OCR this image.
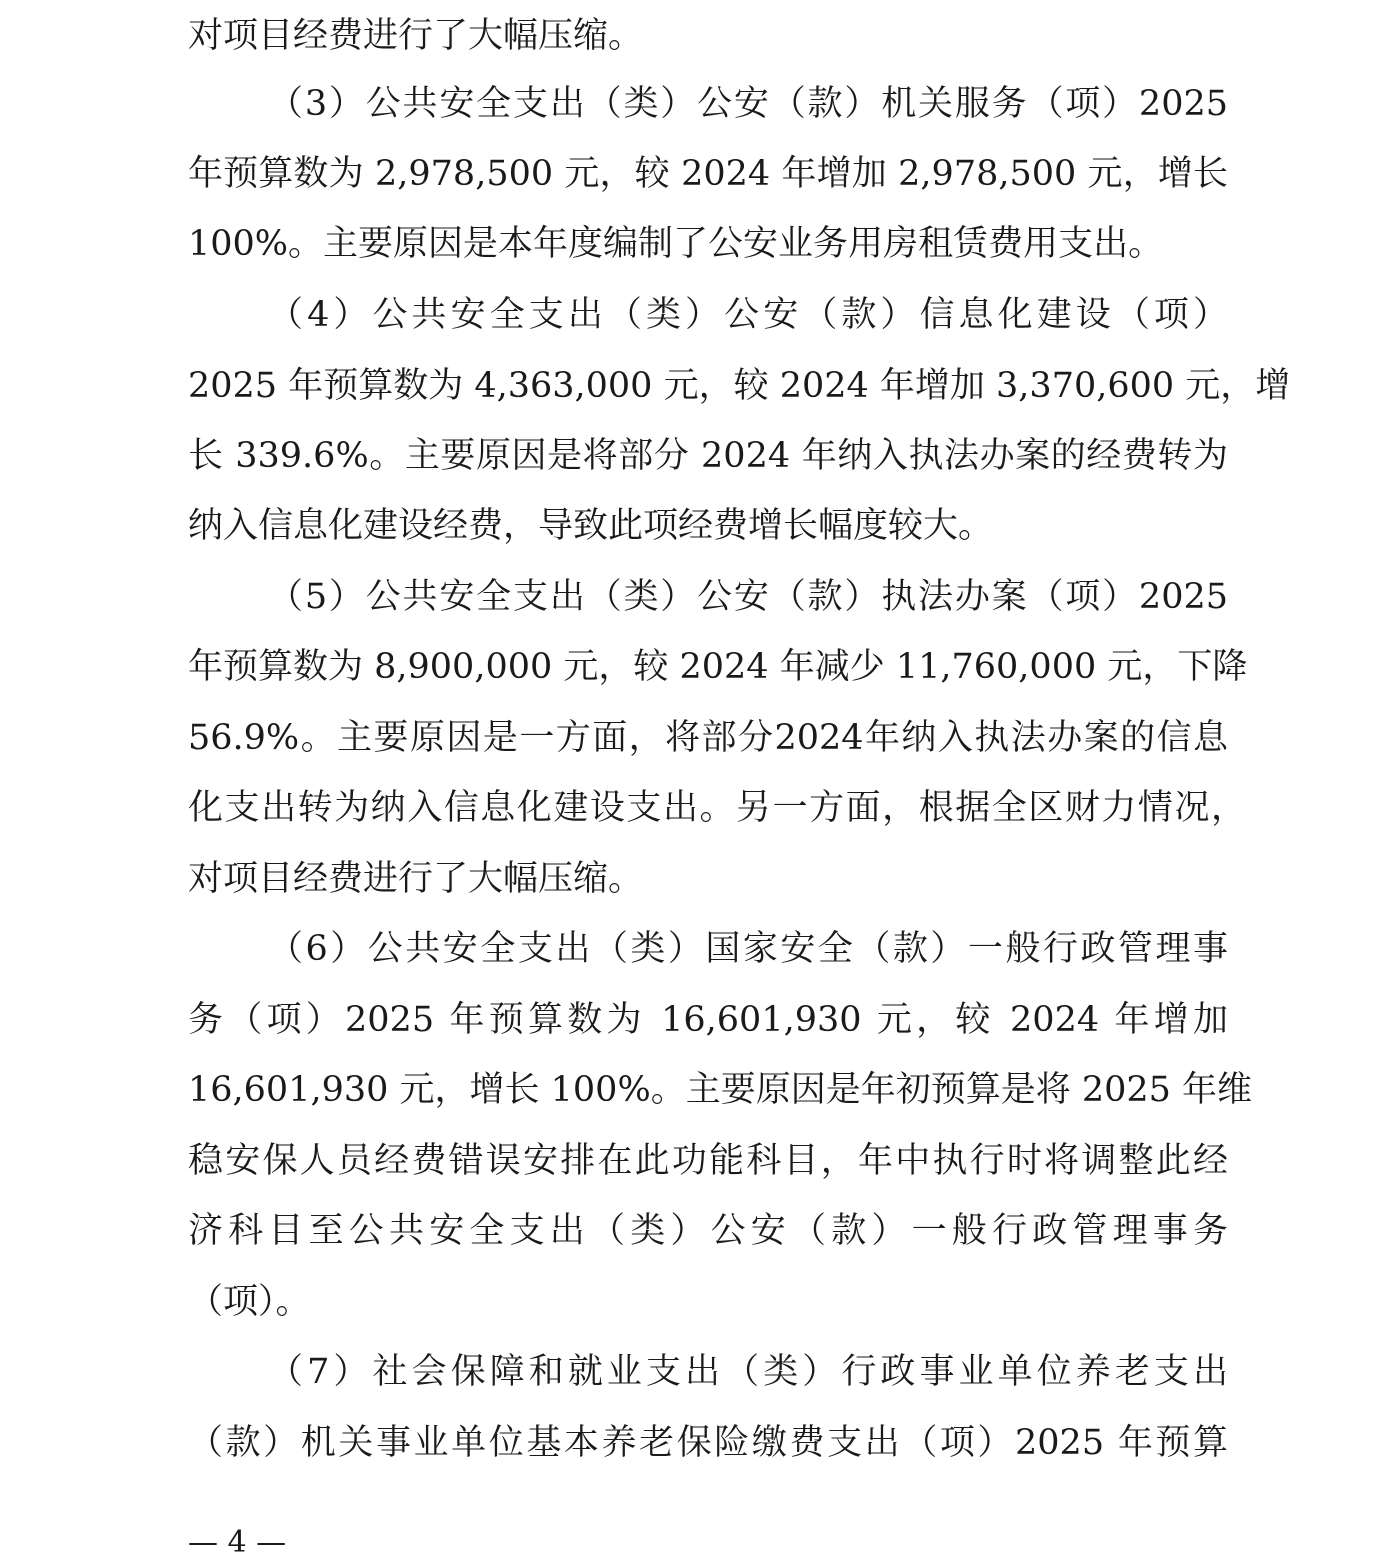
对项目经费进行了大幅压缩。
（3）公共安全支出（类）公安（款）机关服务（项）2025
年预算数为 2,978,500 元，较 2024 年增加 2,978,500 元，增长
100%。主要原因是本年度编制了公安业务用房租赁费用支出。
（4）公共安全支出（类）公安（款）信息化建设（项）
2025 年预算数为 4,363,000 元，较 2024 年增加 3,370,600 元，增
长 339.6%。主要原因是将部分 2024 年纳入执法办案的经费转为
纳入信息化建设经费，导致此项经费增长幅度较大。
（5）公共安全支出（类）公安（款）执法办案（项）2025
年预算数为 8,900,000 元，较 2024 年减少 11,760,000 元，下降
56.9%。主要原因是一方面，将部分2024年纳入执法办案的信息
化支出转为纳入信息化建设支出。另一方面，根据全区财力情况，
对项目经费进行了大幅压缩。
（6）公共安全支出（类）国家安全（款）一般行政管理事
务（项）2025 年预算数为 16,601,930 元，较 2024 年增加
16,601,930 元，增长 100%。主要原因是年初预算是将 2025 年维
稳安保人员经费错误安排在此功能科目，年中执行时将调整此经
济科目至公共安全支出（类）公安（款）一般行政管理事务
（项）。
（7）社会保障和就业支出（类）行政事业单位养老支出
（款）机关事业单位基本养老保险缴费支出（项）2025 年预算
— 4 —
